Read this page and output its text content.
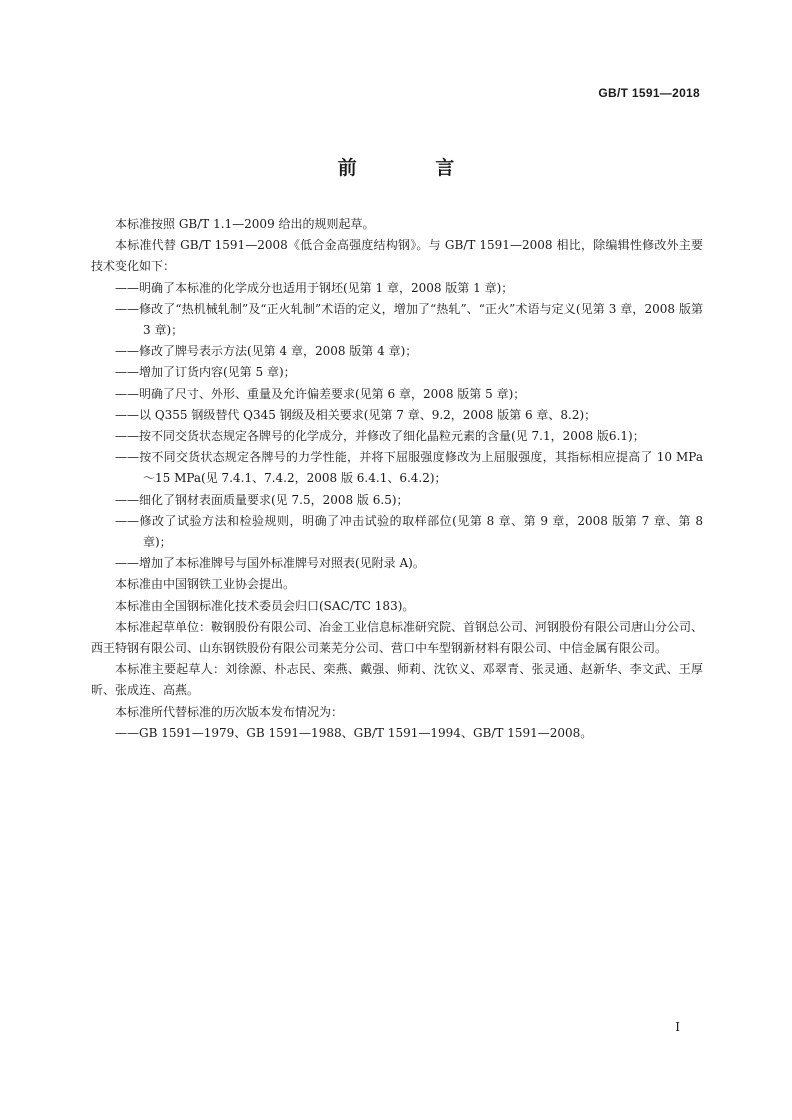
GB/T 1591—2018
前 言

本标准按照 GB/T 1.1—2009 给出的规则起草。

本标准代替 GB/T 1591—2008《低合金高强度结构钢》。与 GB/T 1591—2008 相比，除编辑性修改外主要技术变化如下：

——明确了本标准的化学成分也适用于钢坯(见第 1 章，2008 版第 1 章)；

——修改了“热机械轧制”及“正火轧制”术语的定义，增加了“热轧”、“正火”术语与定义(见第 3 章，2008 版第 3 章)；

——修改了牌号表示方法(见第 4 章，2008 版第 4 章)；

——增加了订货内容(见第 5 章)；

——明确了尺寸、外形、重量及允许偏差要求(见第 6 章，2008 版第 5 章)；

——以 Q355 钢级替代 Q345 钢级及相关要求(见第 7 章、9.2，2008 版第 6 章、8.2)；

——按不同交货状态规定各牌号的化学成分，并修改了细化晶粒元素的含量(见 7.1，2008 版6.1)；

——按不同交货状态规定各牌号的力学性能，并将下屈服强度修改为上屈服强度，其指标相应提高了 10 MPa～15 MPa(见 7.4.1、7.4.2，2008 版 6.4.1、6.4.2)；

——细化了钢材表面质量要求(见 7.5，2008 版 6.5)；

——修改了试验方法和检验规则，明确了冲击试验的取样部位(见第 8 章、第 9 章，2008 版第 7 章、第 8 章)；

——增加了本标准牌号与国外标准牌号对照表(见附录 A)。

本标准由中国钢铁工业协会提出。

本标准由全国钢标准化技术委员会归口(SAC/TC 183)。

本标准起草单位：鞍钢股份有限公司、冶金工业信息标准研究院、首钢总公司、河钢股份有限公司唐山分公司、西王特钢有限公司、山东钢铁股份有限公司莱芜分公司、营口中车型钢新材料有限公司、中信金属有限公司。

本标准主要起草人：刘徐源、朴志民、栾燕、戴强、师莉、沈钦义、邓翠青、张灵通、赵新华、李文武、王厚昕、张成连、高燕。

本标准所代替标准的历次版本发布情况为：

——GB 1591—1979、GB 1591—1988、GB/T 1591—1994、GB/T 1591—2008。

I
